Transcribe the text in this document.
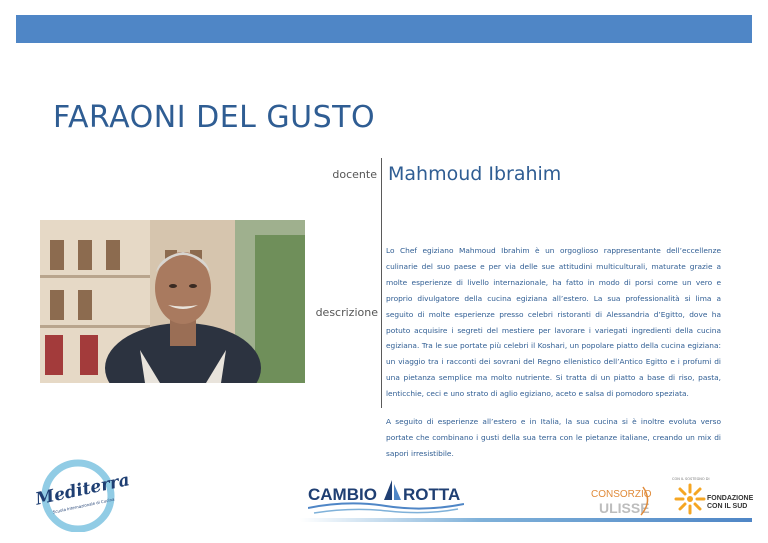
FARAONI DEL GUSTO
docente Mahmoud Ibrahim
descrizione

Lo Chef egiziano Mahmoud Ibrahim è un orgoglioso rappresentante dell’eccellenze culinarie del suo paese e per via delle sue attitudini multiculturali, maturate grazie a molte esperienze di livello internazionale, ha fatto in modo di porsi come un vero e proprio divulgatore della cucina egiziana all’estero. La sua professionalità si lima a seguito di molte esperienze presso celebri ristoranti di Alessandria d’Egitto, dove ha potuto acquisire i segreti del mestiere per lavorare i variegati ingredienti della cucina egiziana. Tra le sue portate più celebri il Koshari, un popolare piatto della cucina egiziana: un viaggio tra i racconti dei sovrani del Regno ellenistico dell’Antico Egitto e i profumi di una pietanza semplice ma molto nutriente. Si tratta di un piatto a base di riso, pasta, lenticchie, ceci e uno strato di aglio egiziano, aceto e salsa di pomodoro speziata.

A seguito di esperienze all’estero e in Italia, la sua cucina si è inoltre evoluta verso portate che combinano i gusti della sua terra con le pietanze italiane, creando un mix di sapori irresistibile.

Mediterranea
Scuola Internazionale di Cucina
CAMBIO ROTTA	CONSORZIO
ULISSE
CON IL SOSTEGNO DI
FONDAZIONE
CON IL SUD
